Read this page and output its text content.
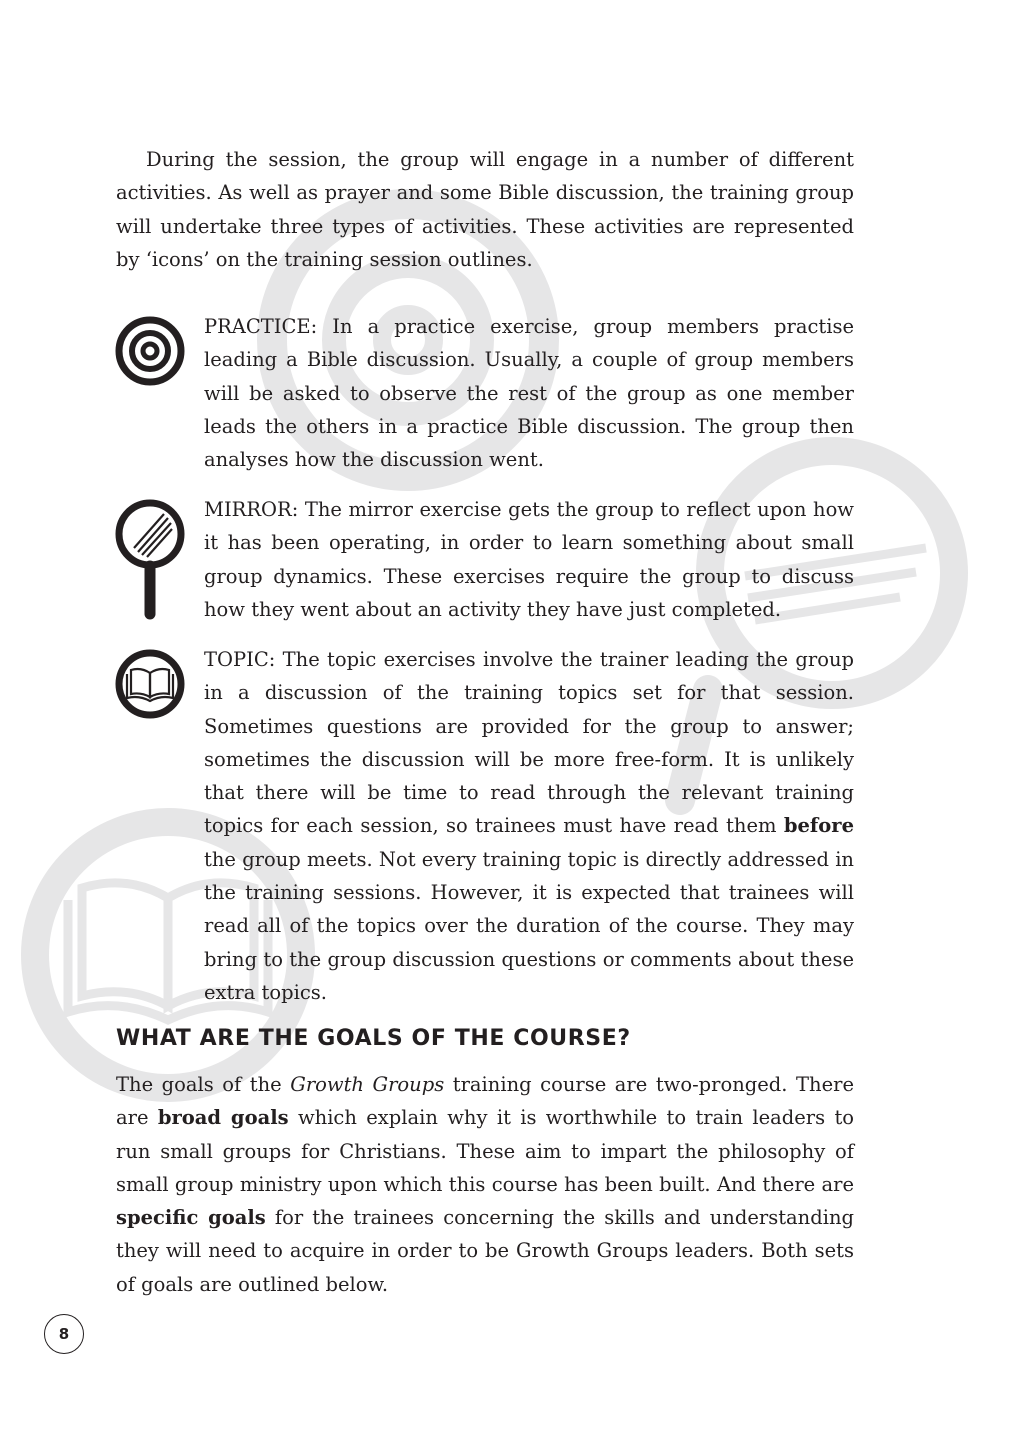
During the session, the group will engage in a number of different activities. As well as prayer and some Bible discussion, the training group will undertake three types of activities. These activities are represented by ‘icons’ on the training session outlines.

PRACTICE: In a practice exercise, group members practise leading a Bible discussion. Usually, a couple of group members will be asked to observe the rest of the group as one member leads the others in a practice Bible discussion. The group then analyses how the discussion went.

MIRROR: The mirror exercise gets the group to reflect upon how it has been operating, in order to learn something about small group dynamics. These exercises require the group to discuss how they went about an activity they have just completed.

TOPIC: The topic exercises involve the trainer leading the group in a discussion of the training topics set for that session. Sometimes questions are provided for the group to answer; sometimes the discussion will be more free-form. It is unlikely that there will be time to read through the relevant training topics for each session, so trainees must have read them before the group meets. Not every training topic is directly addressed in the training sessions. However, it is expected that trainees will read all of the topics over the duration of the course. They may bring to the group discussion questions or comments about these extra topics.

WHAT ARE THE GOALS OF THE COURSE?

The goals of the Growth Groups training course are two-pronged. There are broad goals which explain why it is worthwhile to train leaders to run small groups for Christians. These aim to impart the philosophy of small group ministry upon which this course has been built. And there are specific goals for the trainees concerning the skills and understanding they will need to acquire in order to be Growth Groups leaders. Both sets of goals are outlined below.

8
